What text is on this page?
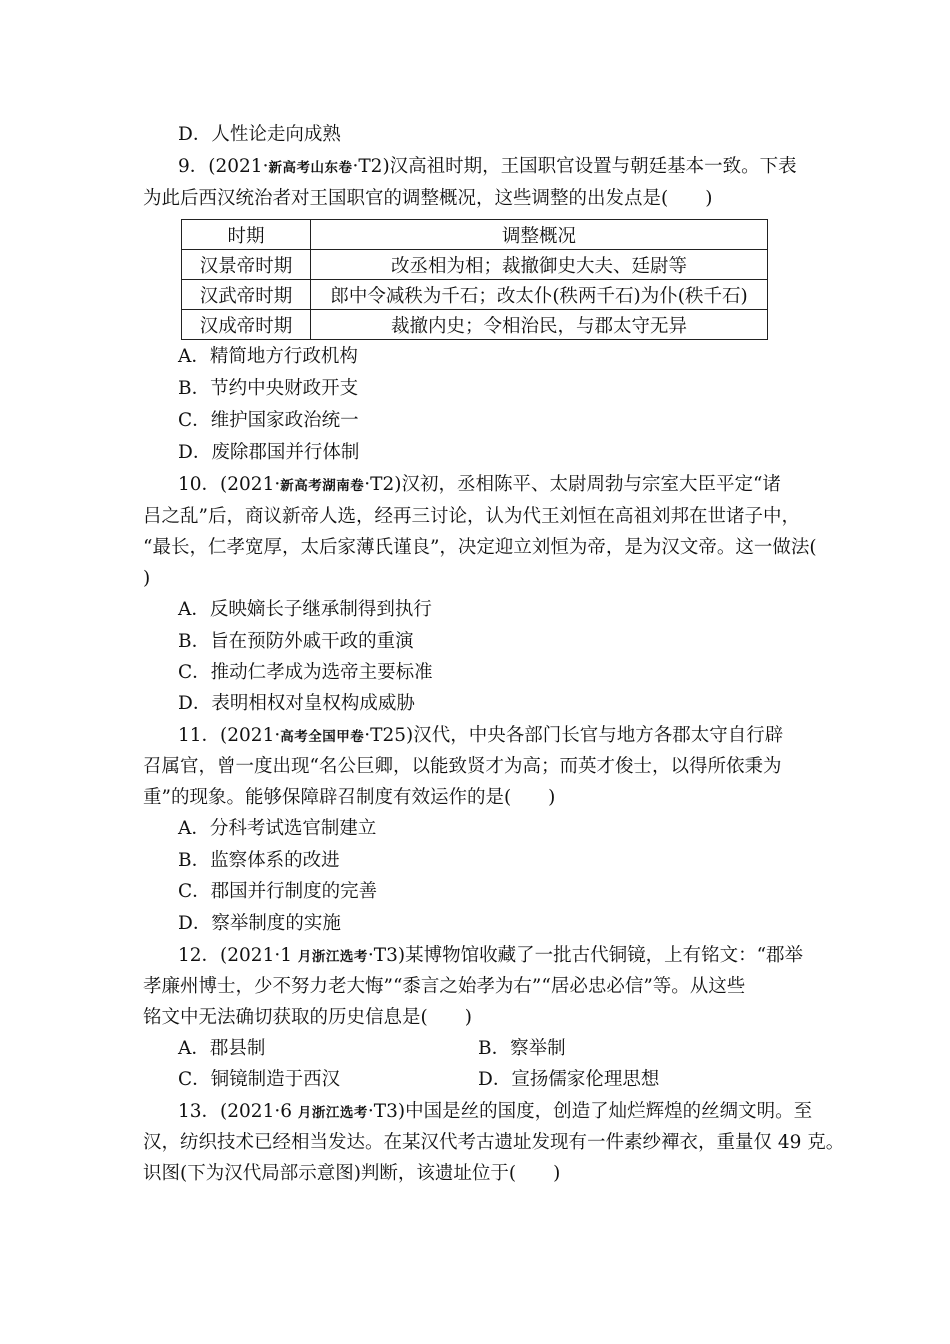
D．人性论走向成熟
9．(2021·新高考山东卷·T2)汉高祖时期，王国职官设置与朝廷基本一致。下表
为此后西汉统治者对王国职官的调整概况，这些调整的出发点是(　　)
时期	调整概况
汉景帝时期	改丞相为相；裁撤御史大夫、廷尉等
汉武帝时期	郎中令减秩为千石；改太仆(秩两千石)为仆(秩千石)
汉成帝时期	裁撤内史；令相治民，与郡太守无异
A．精简地方行政机构
B．节约中央财政开支
C．维护国家政治统一
D．废除郡国并行体制
10．(2021·新高考湖南卷·T2)汉初，丞相陈平、太尉周勃与宗室大臣平定“诸
吕之乱”后，商议新帝人选，经再三讨论，认为代王刘恒在高祖刘邦在世诸子中，
“最长，仁孝宽厚，太后家薄氏谨良”，决定迎立刘恒为帝，是为汉文帝。这一做法(
)
A．反映嫡长子继承制得到执行
B．旨在预防外戚干政的重演
C．推动仁孝成为选帝主要标准
D．表明相权对皇权构成威胁
11．(2021·高考全国甲卷·T25)汉代，中央各部门长官与地方各郡太守自行辟
召属官，曾一度出现“名公巨卿，以能致贤才为高；而英才俊士，以得所依秉为
重”的现象。能够保障辟召制度有效运作的是(　　)
A．分科考试选官制建立
B．监察体系的改进
C．郡国并行制度的完善
D．察举制度的实施
12．(2021·1 月浙江选考·T3)某博物馆收藏了一批古代铜镜，上有铭文：“郡举
孝廉州博士，少不努力老大悔”“黍言之始孝为右”“居必忠必信”等。从这些
铭文中无法确切获取的历史信息是(　　)
A．郡县制	B．察举制
C．铜镜制造于西汉	D．宣扬儒家伦理思想
13．(2021·6 月浙江选考·T3)中国是丝的国度，创造了灿烂辉煌的丝绸文明。至
汉，纺织技术已经相当发达。在某汉代考古遗址发现有一件素纱襌衣，重量仅 49 克。
识图(下为汉代局部示意图)判断，该遗址位于(　　)
